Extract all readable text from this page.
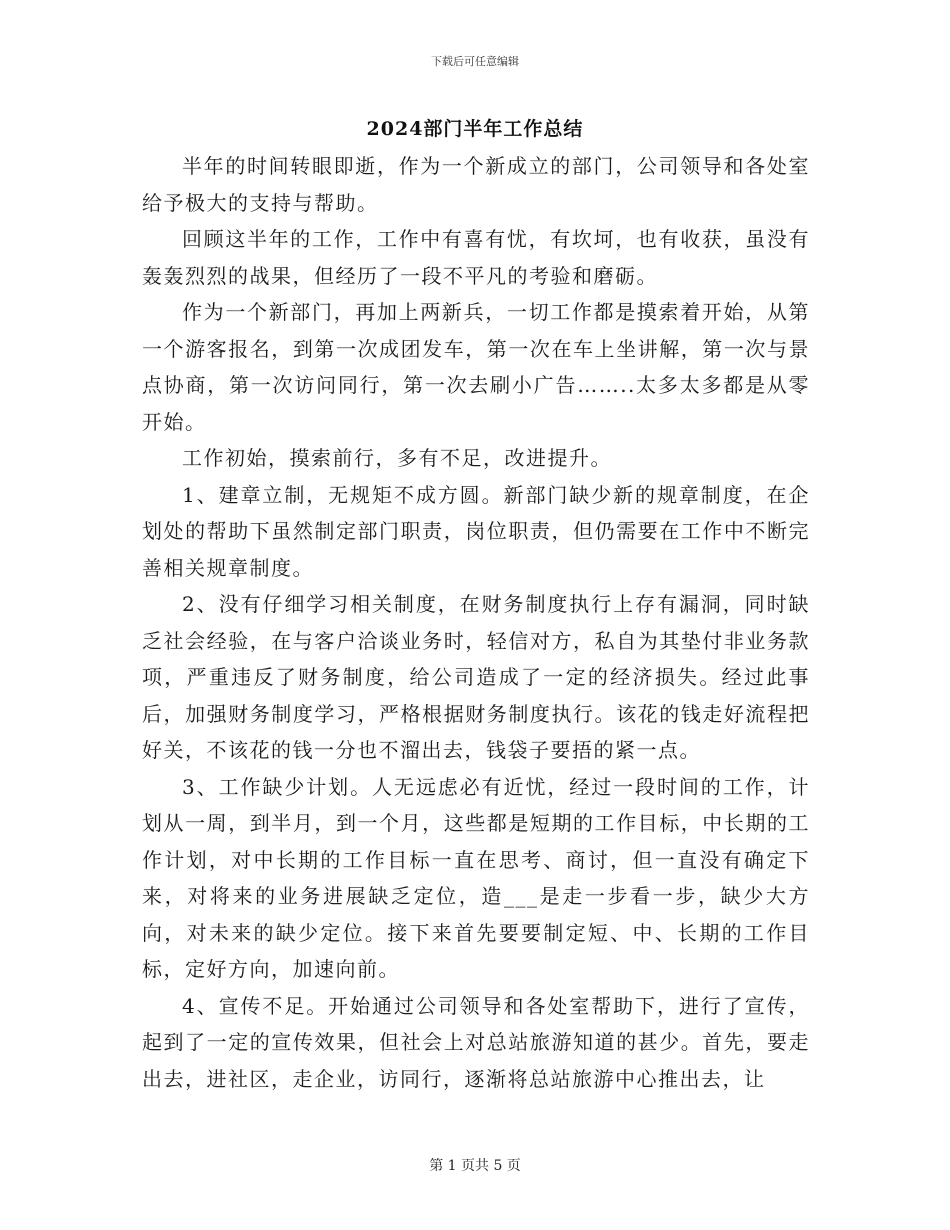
下载后可任意编辑
2024部门半年工作总结

半年的时间转眼即逝，作为一个新成立的部门，公司领导和各处室给予极大的支持与帮助。

回顾这半年的工作，工作中有喜有忧，有坎坷，也有收获，虽没有轰轰烈烈的战果，但经历了一段不平凡的考验和磨砺。

作为一个新部门，再加上两新兵，一切工作都是摸索着开始，从第一个游客报名，到第一次成团发车，第一次在车上坐讲解，第一次与景点协商，第一次访问同行，第一次去刷小广告……..太多太多都是从零开始。

工作初始，摸索前行，多有不足，改进提升。

1、建章立制，无规矩不成方圆。新部门缺少新的规章制度，在企划处的帮助下虽然制定部门职责，岗位职责，但仍需要在工作中不断完善相关规章制度。

2、没有仔细学习相关制度，在财务制度执行上存有漏洞，同时缺乏社会经验，在与客户洽谈业务时，轻信对方，私自为其垫付非业务款项，严重违反了财务制度，给公司造成了一定的经济损失。经过此事后，加强财务制度学习，严格根据财务制度执行。该花的钱走好流程把好关，不该花的钱一分也不溜出去，钱袋子要捂的紧一点。

3、工作缺少计划。人无远虑必有近忧，经过一段时间的工作，计划从一周，到半月，到一个月，这些都是短期的工作目标，中长期的工作计划，对中长期的工作目标一直在思考、商讨，但一直没有确定下来，对将来的业务进展缺乏定位，造___是走一步看一步，缺少大方向，对未来的缺少定位。接下来首先要要制定短、中、长期的工作目标，定好方向，加速向前。

4、宣传不足。开始通过公司领导和各处室帮助下，进行了宣传，起到了一定的宣传效果，但社会上对总站旅游知道的甚少。首先，要走出去，进社区，走企业，访同行，逐渐将总站旅游中心推出去，让

第 1 页共 5 页
